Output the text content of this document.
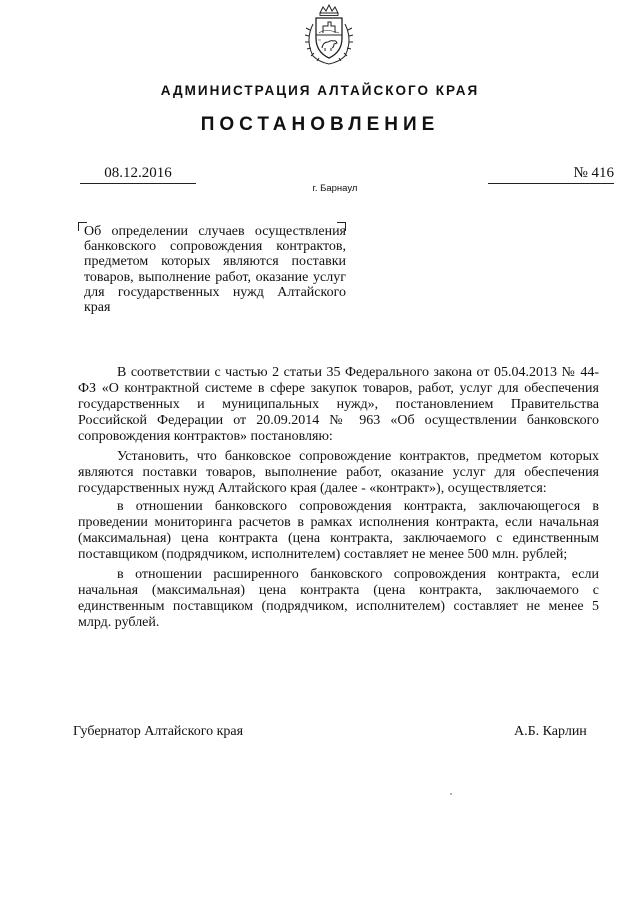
АДМИНИСТРАЦИЯ АЛТАЙСКОГО КРАЯ
ПОСТАНОВЛЕНИЕ
08.12.2016	№ 416
г. Барнаул
Об определении случаев осуществления банковского сопровождения контрактов, предметом которых являются поставки товаров, выполнение работ, оказание услуг для государственных нужд Алтайского края

В соответствии с частью 2 статьи 35 Федерального закона от 05.04.2013 № 44-ФЗ «О контрактной системе в сфере закупок товаров, работ, услуг для обеспечения государственных и муниципальных нужд», постановлением Правительства Российской Федерации от 20.09.2014 № 963 «Об осуществлении банковского сопровождения контрактов» постановляю:

Установить, что банковское сопровождение контрактов, предметом которых являются поставки товаров, выполнение работ, оказание услуг для обеспечения государственных нужд Алтайского края (далее - «контракт»), осуществляется:

в отношении банковского сопровождения контракта, заключающегося в проведении мониторинга расчетов в рамках исполнения контракта, если начальная (максимальная) цена контракта (цена контракта, заключаемого с единственным поставщиком (подрядчиком, исполнителем) составляет не менее 500 млн. рублей;

в отношении расширенного банковского сопровождения контракта, если начальная (максимальная) цена контракта (цена контракта, заключаемого с единственным поставщиком (подрядчиком, исполнителем) составляет не менее 5 млрд. рублей.

Губернатор Алтайского края	А.Б. Карлин
